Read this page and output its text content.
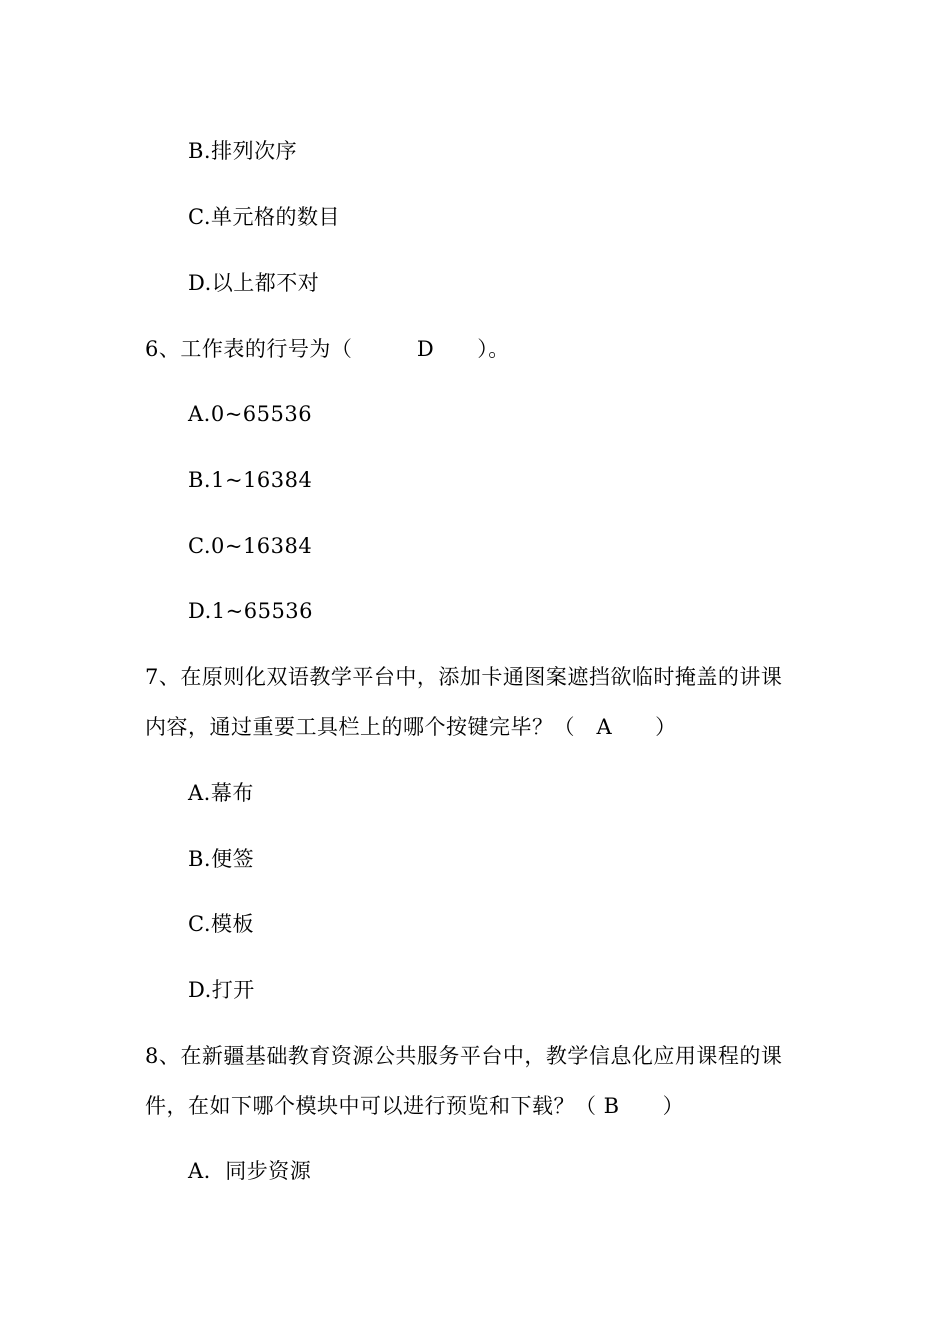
B.排列次序
C.单元格的数目
D.以上都不对
6、工作表的行号为（　　　D　　）。
A.0~65536
B.1~16384
C.0~16384
D.1~65536
7、在原则化双语教学平台中，添加卡通图案遮挡欲临时掩盖的讲课
内容，通过重要工具栏上的哪个按键完毕？（　A　　）
A.幕布
B.便签
C.模板
D.打开
8、在新疆基础教育资源公共服务平台中，教学信息化应用课程的课
件，在如下哪个模块中可以进行预览和下载？（ B　　）
A.  同步资源
